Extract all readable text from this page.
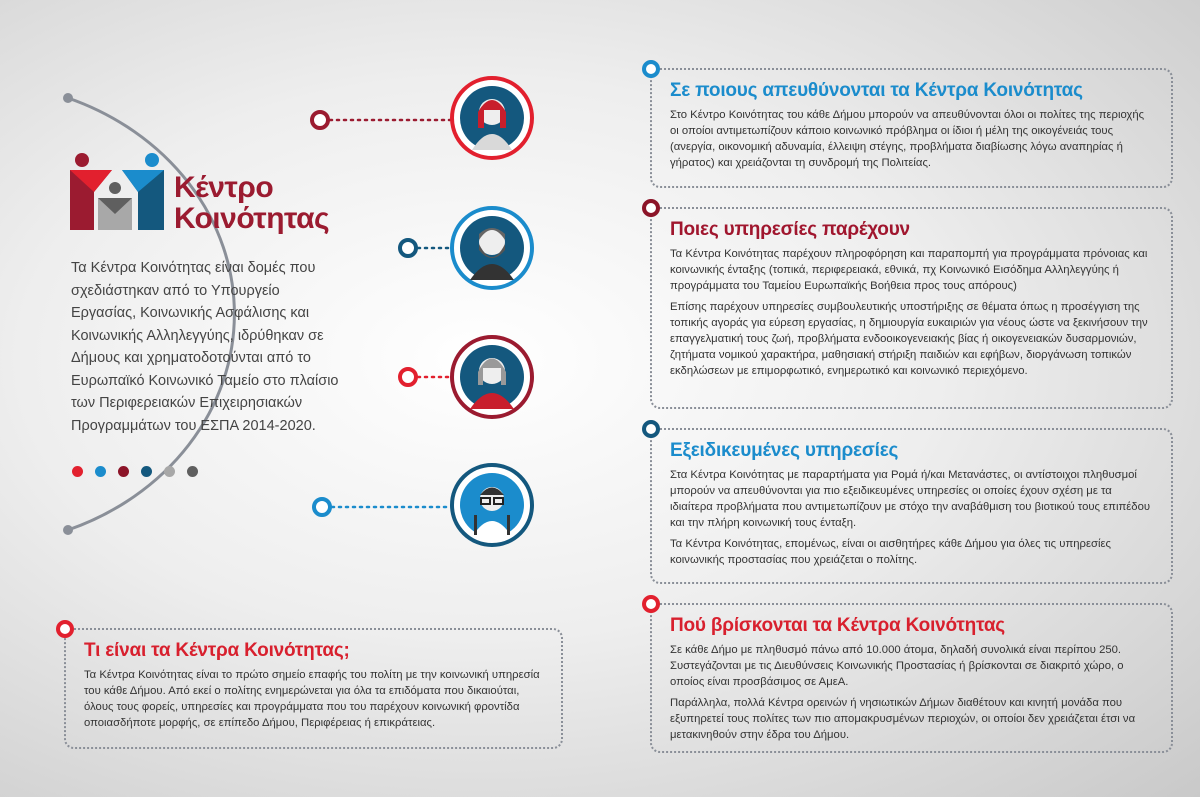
Κέντρο
Κοινότητας

Τα Κέντρα Κοινότητας είναι δομές που σχεδιάστηκαν από το Υπουργείο Εργασίας, Κοινωνικής Ασφάλισης και Κοινωνικής Αλληλεγγύης, ιδρύθηκαν σε Δήμους και χρηματοδοτούνται από το Ευρωπαϊκό Κοινωνικό Ταμείο στο πλαίσιο των Περιφερειακών Επιχειρησιακών Προγραμμάτων του ΕΣΠΑ 2014-2020.

Τι είναι τα Κέντρα Κοινότητας;

Τα Κέντρα Κοινότητας είναι το πρώτο σημείο επαφής του πολίτη με την κοινωνική υπηρεσία του κάθε Δήμου. Από εκεί ο πολίτης ενημερώνεται για όλα τα επιδόματα που δικαιούται, όλους τους φορείς, υπηρεσίες και προγράμματα που του παρέχουν κοινωνική φροντίδα οποιασδήποτε μορφής, σε επίπεδο Δήμου, Περιφέρειας ή επικράτειας.

Σε ποιους απευθύνονται τα Κέντρα Κοινότητας

Στο Κέντρο Κοινότητας του κάθε Δήμου μπορούν να απευθύνονται όλοι οι πολίτες της περιοχής οι οποίοι αντιμετωπίζουν κάποιο κοινωνικό πρόβλημα οι ίδιοι ή μέλη της οικογένειάς τους (ανεργία, οικονομική αδυναμία, έλλειψη στέγης, προβλήματα διαβίωσης λόγω αναπηρίας ή γήρατος) και χρειάζονται τη συνδρομή της Πολιτείας.

Ποιες υπηρεσίες παρέχουν

Τα Κέντρα Κοινότητας παρέχουν πληροφόρηση και παραπομπή για προγράμματα πρόνοιας και κοινωνικής ένταξης (τοπικά, περιφερειακά, εθνικά, πχ Κοινωνικό Εισόδημα Αλληλεγγύης ή προγράμματα του Ταμείου Ευρωπαϊκής Βοήθεια προς τους απόρους)

Επίσης παρέχουν υπηρεσίες συμβουλευτικής υποστήριξης σε θέματα όπως η προσέγγιση της τοπικής αγοράς για εύρεση εργασίας, η δημιουργία ευκαιριών για νέους ώστε να ξεκινήσουν την επαγγελματική τους ζωή, προβλήματα ενδοοικογενειακής βίας ή οικογενειακών δυσαρμονιών, ζητήματα νομικού χαρακτήρα, μαθησιακή στήριξη παιδιών και εφήβων, διοργάνωση τοπικών εκδηλώσεων με επιμορφωτικό, ενημερωτικό και κοινωνικό περιεχόμενο.

Εξειδικευμένες υπηρεσίες

Στα Κέντρα Κοινότητας με παραρτήματα για Ρομά ή/και Μετανάστες, οι αντίστοιχοι πληθυσμοί μπορούν να απευθύνονται για πιο εξειδικευμένες υπηρεσίες οι οποίες έχουν σχέση με τα ιδιαίτερα προβλήματα που αντιμετωπίζουν με στόχο την αναβάθμιση του βιοτικού τους επιπέδου και την πλήρη κοινωνική τους ένταξη.

Τα Κέντρα Κοινότητας, επομένως, είναι οι αισθητήρες κάθε Δήμου για όλες τις υπηρεσίες κοινωνικής προστασίας που χρειάζεται ο πολίτης.

Πού βρίσκονται τα Κέντρα Κοινότητας

Σε κάθε Δήμο με πληθυσμό πάνω από 10.000 άτομα, δηλαδή συνολικά είναι περίπου 250. Συστεγάζονται με τις Διευθύνσεις Κοινωνικής Προστασίας ή βρίσκονται σε διακριτό χώρο, ο οποίος είναι προσβάσιμος σε ΑμεΑ.

Παράλληλα, πολλά Κέντρα ορεινών ή νησιωτικών Δήμων διαθέτουν και κινητή μονάδα που εξυπηρετεί τους πολίτες των πιο απομακρυσμένων περιοχών, οι οποίοι δεν χρειάζεται έτσι να μετακινηθούν στην έδρα του Δήμου.
